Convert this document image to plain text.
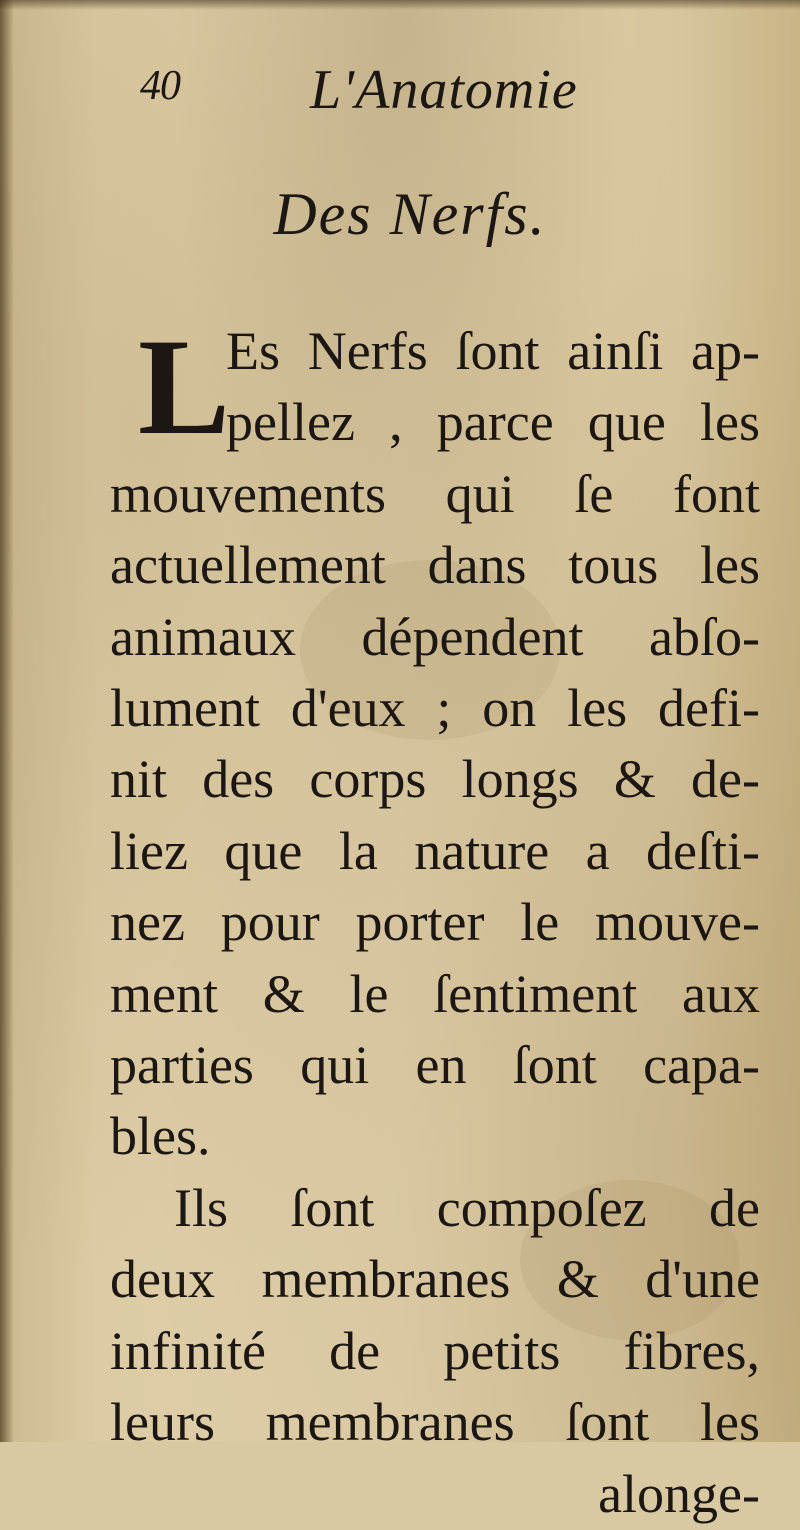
40 L'Anatomie
Des Nerfs.
L
Es Nerfs ſont ainſi ap-
pellez , parce que les
mouvements qui ſe font
actuellement dans tous les
animaux dépendent abſo-
lument d'eux ; on les defi-
nit des corps longs & de-
liez que la nature a deſti-
nez pour porter le mouve-
ment & le ſentiment aux
parties qui en ſont capa-
bles.
Ils ſont compoſez de
deux membranes & d'une
infinité de petits fibres,
leurs membranes ſont les
alonge-
